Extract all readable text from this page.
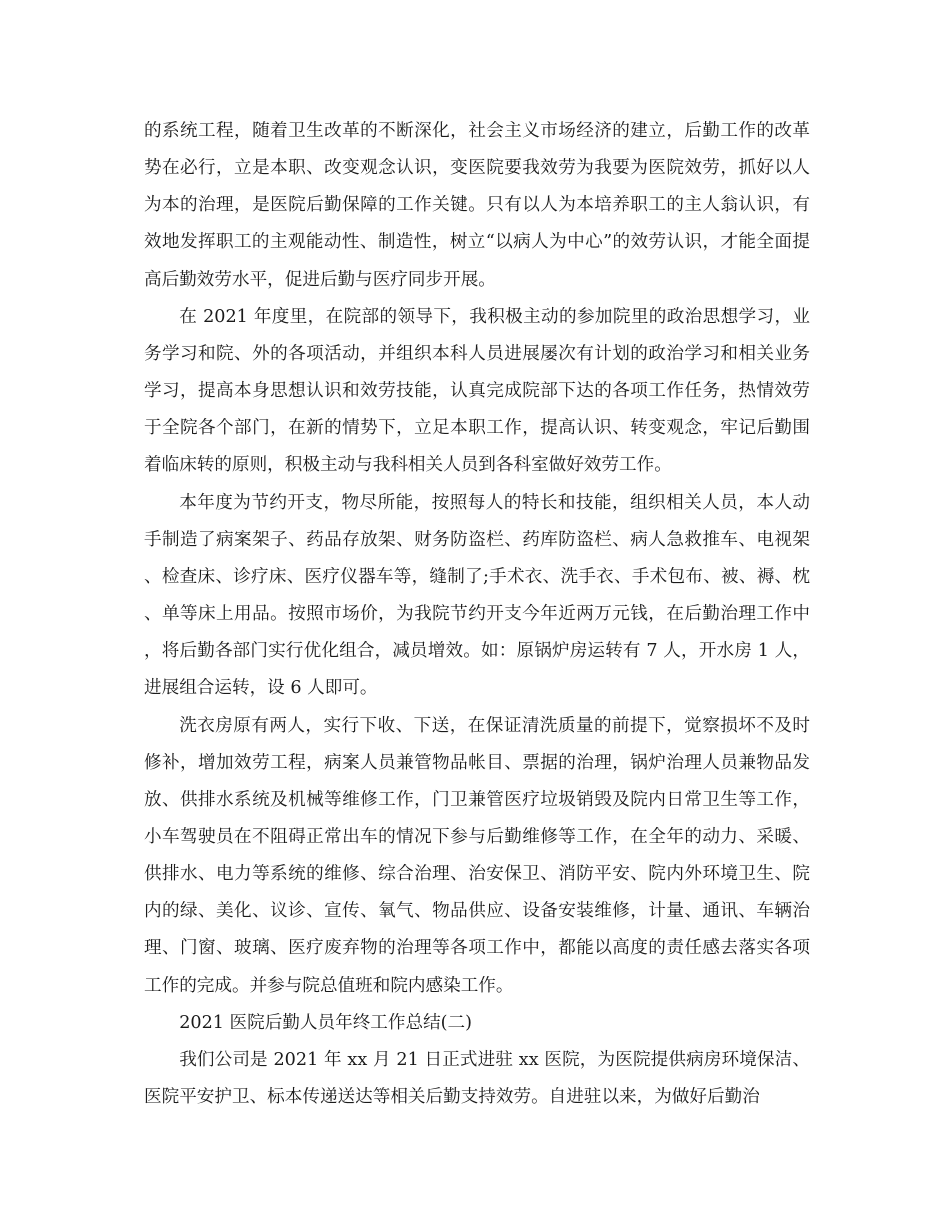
的系统工程，随着卫生改革的不断深化，社会主义市场经济的建立，后勤工作的改革势在必行，立是本职、改变观念认识，变医院要我效劳为我要为医院效劳，抓好以人为本的治理，是医院后勤保障的工作关键。只有以人为本培养职工的主人翁认识，有效地发挥职工的主观能动性、制造性，树立“以病人为中心”的效劳认识，才能全面提高后勤效劳水平，促进后勤与医疗同步开展。

在 2021 年度里，在院部的领导下，我积极主动的参加院里的政治思想学习，业务学习和院、外的各项活动，并组织本科人员进展屡次有计划的政治学习和相关业务学习，提高本身思想认识和效劳技能，认真完成院部下达的各项工作任务，热情效劳于全院各个部门，在新的情势下，立足本职工作，提高认识、转变观念，牢记后勤围着临床转的原则，积极主动与我科相关人员到各科室做好效劳工作。

本年度为节约开支，物尽所能，按照每人的特长和技能，组织相关人员，本人动手制造了病案架子、药品存放架、财务防盗栏、药库防盗栏、病人急救推车、电视架、检查床、诊疗床、医疗仪器车等，缝制了;手术衣、洗手衣、手术包布、被、褥、枕、单等床上用品。按照市场价，为我院节约开支今年近两万元钱，在后勤治理工作中，将后勤各部门实行优化组合，减员增效。如：原锅炉房运转有 7 人，开水房 1 人，进展组合运转，设 6 人即可。

洗衣房原有两人，实行下收、下送，在保证清洗质量的前提下，觉察损坏不及时修补，增加效劳工程，病案人员兼管物品帐目、票据的治理，锅炉治理人员兼物品发放、供排水系统及机械等维修工作，门卫兼管医疗垃圾销毁及院内日常卫生等工作，小车驾驶员在不阻碍正常出车的情况下参与后勤维修等工作，在全年的动力、采暖、供排水、电力等系统的维修、综合治理、治安保卫、消防平安、院内外环境卫生、院内的绿、美化、议诊、宣传、氧气、物品供应、设备安装维修，计量、通讯、车辆治理、门窗、玻璃、医疗废弃物的治理等各项工作中，都能以高度的责任感去落实各项工作的完成。并参与院总值班和院内感染工作。

2021 医院后勤人员年终工作总结(二)

我们公司是 2021 年 xx 月 21 日正式进驻 xx 医院，为医院提供病房环境保洁、医院平安护卫、标本传递送达等相关后勤支持效劳。自进驻以来，为做好后勤治
